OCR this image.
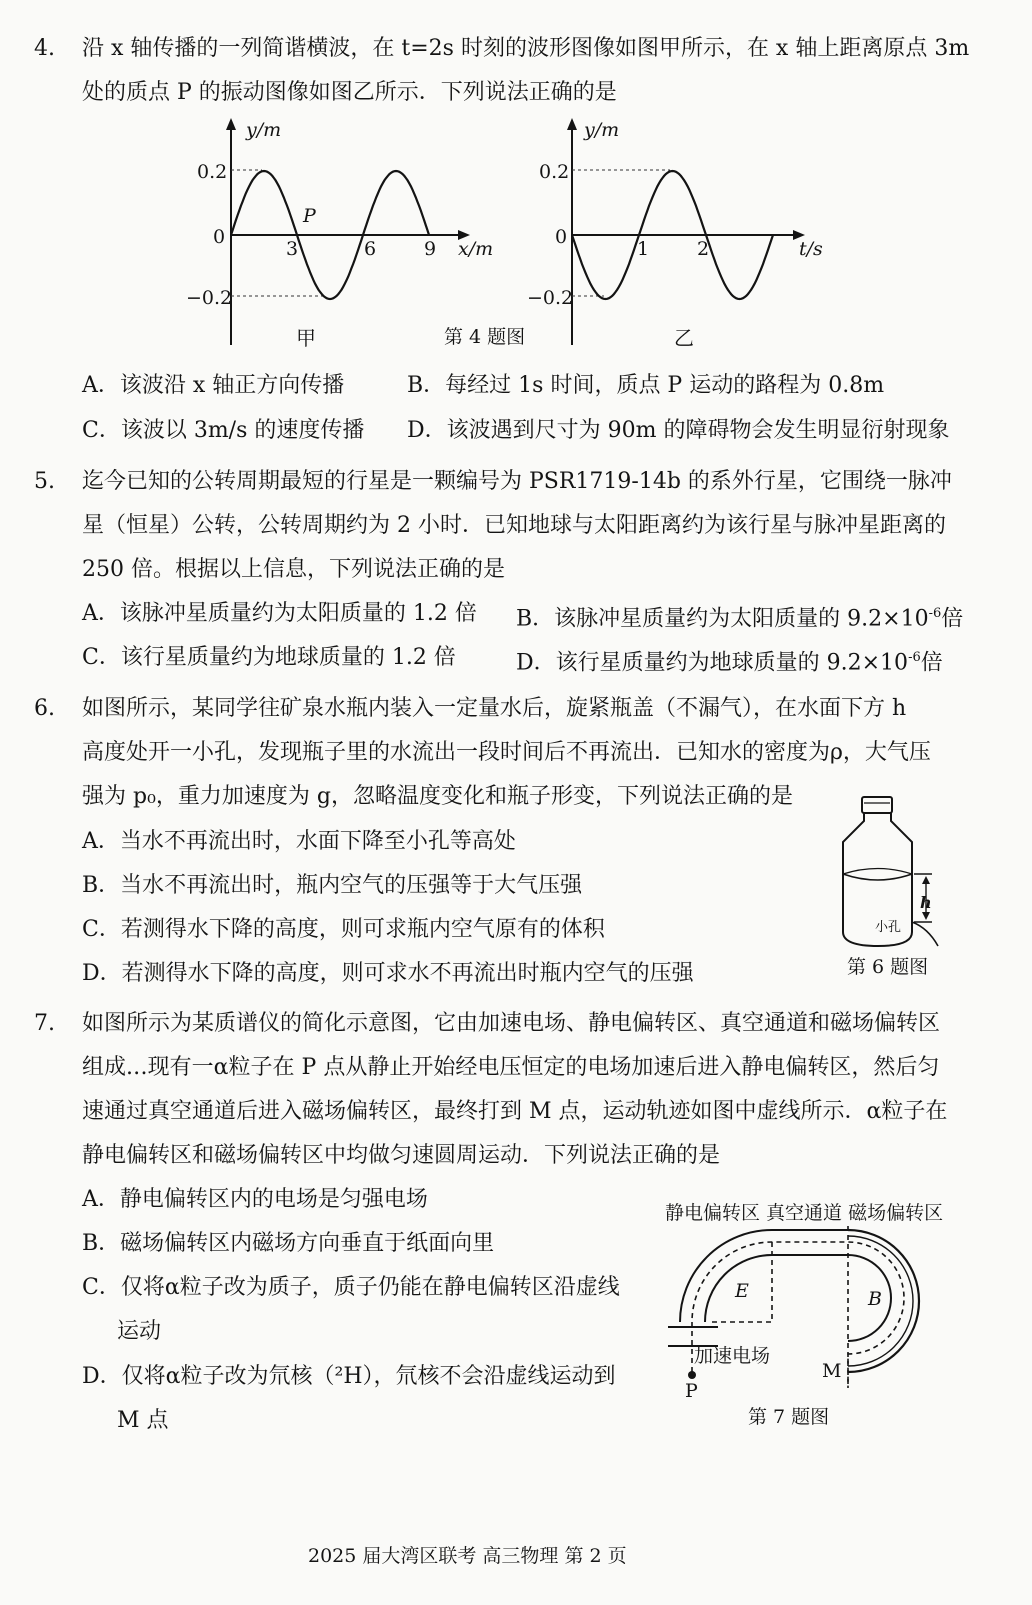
4. 沿 x 轴传播的一列简谐横波，在 t=2s 时刻的波形图像如图甲所示，在 x 轴上距离原点 3m
处的质点 P 的振动图像如图乙所示．下列说法正确的是
y/m
0.2
0
−0.2
3	6	9 x/m
P
甲	第 4 题图
y/m
0.2
0
−0.2
1	2	t/s
乙
A．该波沿 x 轴正方向传播	B．每经过 1s 时间，质点 P 运动的路程为 0.8m
C．该波以 3m/s 的速度传播 D．该波遇到尺寸为 90m 的障碍物会发生明显衍射现象
5. 迄今已知的公转周期最短的行星是一颗编号为 PSR1719-14b 的系外行星，它围绕一脉冲
星（恒星）公转，公转周期约为 2 小时．已知地球与太阳距离约为该行星与脉冲星距离的
250 倍。根据以上信息，下列说法正确的是
A．该脉冲星质量约为太阳质量的 1.2 倍 B．该脉冲星质量约为太阳质量的 $9.2\times 10^{-6}$倍
C．该行星质量约为地球质量的 1.2 倍	D．该行星质量约为地球质量的 $9.2\times 10^{-6}$倍
6. 如图所示，某同学往矿泉水瓶内装入一定量水后，旋紧瓶盖（不漏气），在水面下方 h
高度处开一小孔，发现瓶子里的水流出一段时间后不再流出．已知水的密度为ρ，大气压
强为 p₀，重力加速度为 g，忽略温度变化和瓶子形变，下列说法正确的是
A．当水不再流出时，水面下降至小孔等高处
B．当水不再流出时，瓶内空气的压强等于大气压强
C．若测得水下降的高度，则可求瓶内空气原有的体积
D．若测得水下降的高度，则可求水不再流出时瓶内空气的压强
h
小孔
第 6 题图
7. 如图所示为某质谱仪的简化示意图，它由加速电场、静电偏转区、真空通道和磁场偏转区
组成.‥现有一α粒子在 P 点从静止开始经电压恒定的电场加速后进入静电偏转区，然后匀
速通过真空通道后进入磁场偏转区，最终打到 M 点，运动轨迹如图中虚线所示．α粒子在
静电偏转区和磁场偏转区中均做匀速圆周运动．下列说法正确的是
A．静电偏转区内的电场是匀强电场
B．磁场偏转区内磁场方向垂直于纸面向里
C．仅将α粒子改为质子，质子仍能在静电偏转区沿虚线
运动
D．仅将α粒子改为氘核（²H），氘核不会沿虚线运动到
M 点
静电偏转区 真空通道 磁场偏转区
E	B
加速电场
P
M
第 7 题图
2025 届大湾区联考 高三物理 第 2 页
